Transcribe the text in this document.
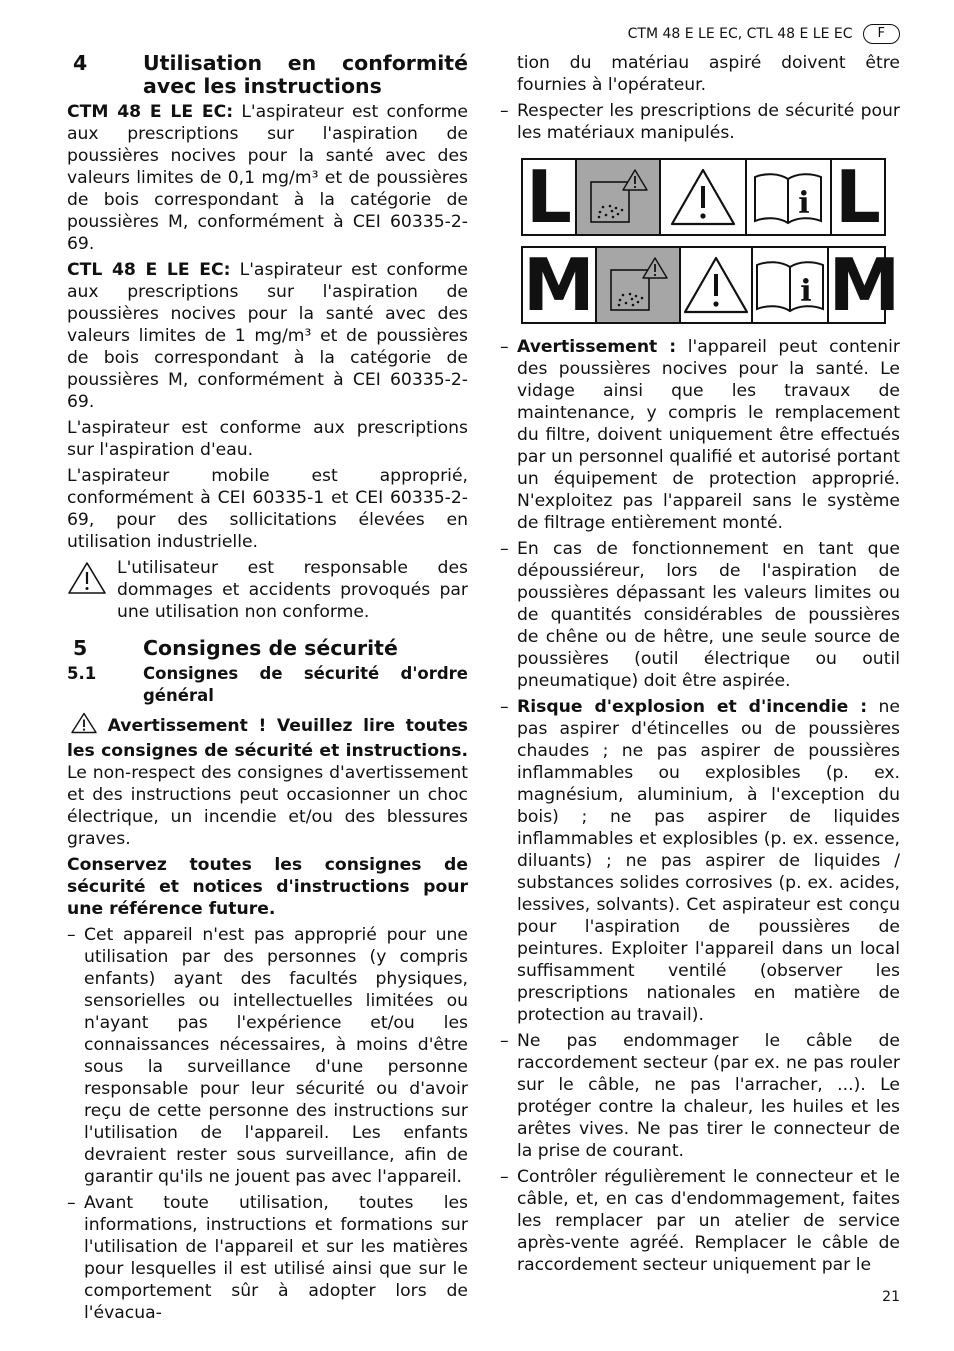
CTM 48 E LE EC, CTL 48 E LE EC	F
4	Utilisation en conformité avec les instructions

CTM 48 E LE EC: L'aspirateur est conforme aux prescriptions sur l'aspiration de poussières nocives pour la santé avec des valeurs limites de 0,1 mg/m³ et de poussières de bois correspondant à la catégorie de poussières M, conformément à CEI 60335-2-69.

CTL 48 E LE EC: L'aspirateur est conforme aux prescriptions sur l'aspiration de poussières nocives pour la santé avec des valeurs limites de 1 mg/m³ et de poussières de bois correspondant à la catégorie de poussières M, conformément à CEI 60335-2-69.

L'aspirateur est conforme aux prescriptions sur l'aspiration d'eau.

L'aspirateur mobile est approprié, conformément à CEI 60335-1 et CEI 60335-2-69, pour des sollicitations élevées en utilisation industrielle.

L'utilisateur est responsable des dommages et accidents provoqués par une utilisation non conforme.
5	Consignes de sécurité
5.1	Consignes de sécurité d'ordre général

Avertissement ! Veuillez lire toutes les consignes de sécurité et instructions. Le non-respect des consignes d'avertissement et des instructions peut occasionner un choc électrique, un incendie et/ou des blessures graves.

Conservez toutes les consignes de sécurité et notices d'instructions pour une référence future.

– Cet appareil n'est pas approprié pour une utilisation par des personnes (y compris enfants) ayant des facultés physiques, sensorielles ou intellectuelles limitées ou n'ayant pas l'expérience et/ou les connaissances nécessaires, à moins d'être sous la surveillance d'une personne responsable pour leur sécurité ou d'avoir reçu de cette personne des instructions sur l'utilisation de l'appareil. Les enfants devraient rester sous surveillance, afin de garantir qu'ils ne jouent pas avec l'appareil.
– Avant toute utilisation, toutes les informations, instructions et formations sur l'utilisation de l'appareil et sur les matières pour lesquelles il est utilisé ainsi que sur le comportement sûr à adopter lors de l'évacua-

tion du matériau aspiré doivent être fournies à l'opérateur.

– Respecter les prescriptions de sécurité pour les matériaux manipulés.
L	i L
M	i M
– Avertissement : l'appareil peut contenir des poussières nocives pour la santé. Le vidage ainsi que les travaux de maintenance, y compris le remplacement du filtre, doivent uniquement être effectués par un personnel qualifié et autorisé portant un équipement de protection approprié. N'exploitez pas l'appareil sans le système de filtrage entièrement monté.
– En cas de fonctionnement en tant que dépoussiéreur, lors de l'aspiration de poussières dépassant les valeurs limites ou de quantités considérables de poussières de chêne ou de hêtre, une seule source de poussières (outil électrique ou outil pneumatique) doit être aspirée.
– Risque d'explosion et d'incendie : ne pas aspirer d'étincelles ou de poussières chaudes ; ne pas aspirer de poussières inflammables ou explosibles (p. ex. magnésium, aluminium, à l'exception du bois) ; ne pas aspirer de liquides inflammables et explosibles (p. ex. essence, diluants) ; ne pas aspirer de liquides / substances solides corrosives (p. ex. acides, lessives, solvants). Cet aspirateur est conçu pour l'aspiration de poussières de peintures. Exploiter l'appareil dans un local suffisamment ventilé (observer les prescriptions nationales en matière de protection au travail).
– Ne pas endommager le câble de raccordement secteur (par ex. ne pas rouler sur le câble, ne pas l'arracher, ...). Le protéger contre la chaleur, les huiles et les arêtes vives. Ne pas tirer le connecteur de la prise de courant.
– Contrôler régulièrement le connecteur et le câble, et, en cas d'endommagement, faites les remplacer par un atelier de service après-vente agréé. Remplacer le câble de raccordement secteur uniquement par le
21
